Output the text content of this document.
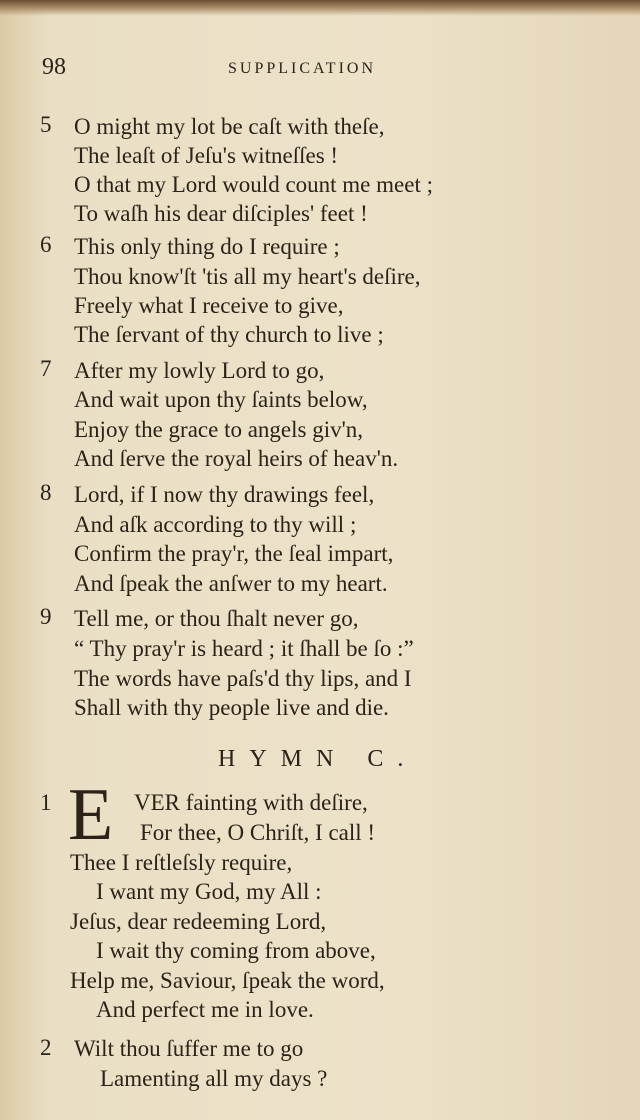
98	SUPPLICATION
5 O might my lot be caſt with theſe,
The leaſt of Jeſu's witneſſes !
O that my Lord would count me meet ;
To waſh his dear diſciples' feet !
6 This only thing do I require ;
Thou know'ſt 'tis all my heart's deſire,
Freely what I receive to give,
The ſervant of thy church to live ;
7 After my lowly Lord to go,
And wait upon thy ſaints below,
Enjoy the grace to angels giv'n,
And ſerve the royal heirs of heav'n.
8 Lord, if I now thy drawings feel,
And aſk according to thy will ;
Confirm the pray'r, the ſeal impart,
And ſpeak the anſwer to my heart.
9 Tell me, or thou ſhalt never go,
“ Thy pray'r is heard ; it ſhall be ſo :”
The words have paſs'd thy lips, and I
Shall with thy people live and die.
HYMN C.
1 E VER fainting with deſire,
For thee, O Chriſt, I call !
Thee I reſtleſsly require,
I want my God, my All :
Jeſus, dear redeeming Lord,
I wait thy coming from above,
Help me, Saviour, ſpeak the word,
And perfect me in love.
2 Wilt thou ſuffer me to go
Lamenting all my days ?
